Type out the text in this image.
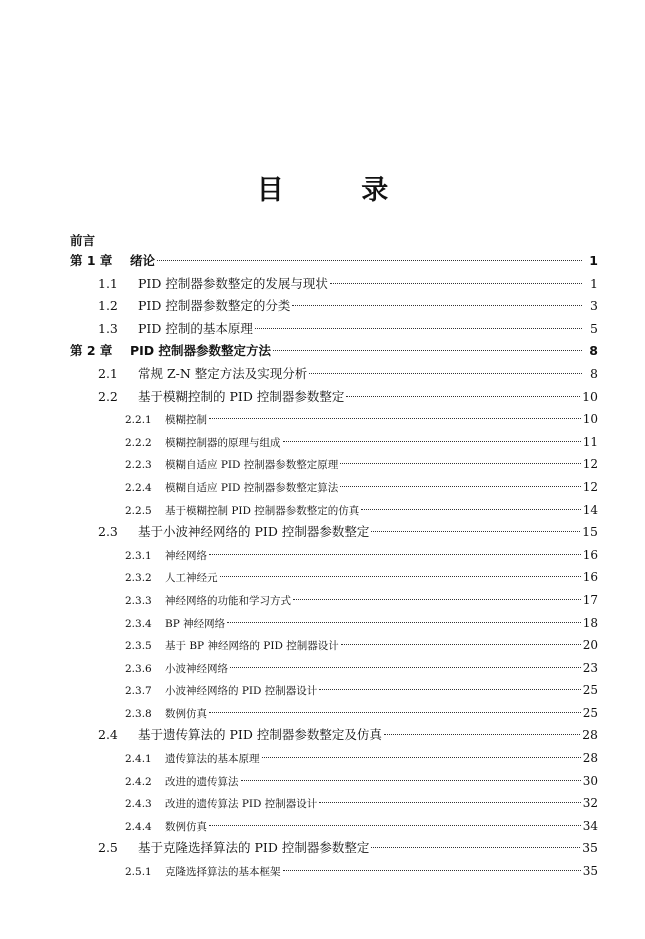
目 录
前言
第 1 章	绪论	1
1.1	PID 控制器参数整定的发展与现状	1
1.2	PID 控制器参数整定的分类	3
1.3	PID 控制的基本原理	5
第 2 章	PID 控制器参数整定方法	8
2.1	常规 Z-N 整定方法及实现分析	8
2.2	基于模糊控制的 PID 控制器参数整定	10
2.2.1	模糊控制	10
2.2.2	模糊控制器的原理与组成	11
2.2.3	模糊自适应 PID 控制器参数整定原理	12
2.2.4	模糊自适应 PID 控制器参数整定算法	12
2.2.5	基于模糊控制 PID 控制器参数整定的仿真	14
2.3	基于小波神经网络的 PID 控制器参数整定	15
2.3.1	神经网络	16
2.3.2	人工神经元	16
2.3.3	神经网络的功能和学习方式	17
2.3.4	BP 神经网络	18
2.3.5	基于 BP 神经网络的 PID 控制器设计	20
2.3.6	小波神经网络	23
2.3.7	小波神经网络的 PID 控制器设计	25
2.3.8	数例仿真	25
2.4	基于遗传算法的 PID 控制器参数整定及仿真	28
2.4.1	遗传算法的基本原理	28
2.4.2	改进的遗传算法	30
2.4.3	改进的遗传算法 PID 控制器设计	32
2.4.4	数例仿真	34
2.5	基于克隆选择算法的 PID 控制器参数整定	35
2.5.1	克隆选择算法的基本框架	35
